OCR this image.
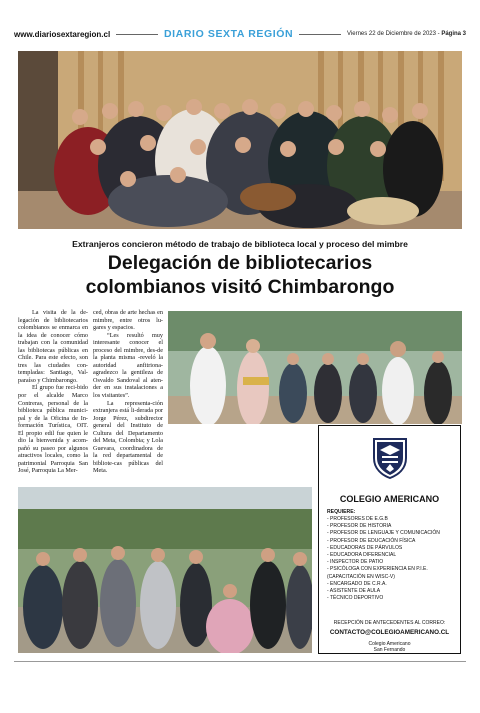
www.diariosextaregion.cl	DIARIO SEXTA REGIÓN	Viernes 22 de Diciembre de 2023 - Página 3
Extranjeros concieron método de trabajo de biblioteca local y proceso del mimbre
Delegación de bibliotecarios
colombianos visitó Chimbarongo

La visita de la de-legación de bibliotecarios colombianos se enmarca en la idea de conocer cómo trabajan con la comunidad las bibliotecas públicas en Chile. Para este efecto, son tres las ciudades con-templadas: Santiago, Val-paraíso y Chimbarongo.

El grupo fue reci-bido por el alcalde Marco Contreras, personal de la biblioteca pública munici-pal y de la Oficina de In-formación Turística, OIT. El propio edil fue quien le dio la bienvenida y acom-pañó su paseo por algunos atractivos locales, como la patrimonial Parroquia San José, Parroquia La Mer-

ced, obras de arte hechas en mimbre, entre otros lu-gares y espacios.

“Les resultó muy interesante conocer el proceso del mimbre, des-de la planta misma -reveló la autoridad anfitriona- agradezco la gentileza de Osvaldo Sandoval al aten-der en sus instalaciones a los visitantes”.

La representa-ción extranjera está li-derada por Jorge Pérez, subdirector general del Instituto de Cultura del Departamento del Meta, Colombia; y Lola Guevara, coordinadora de la red departamental de bibliote-cas públicas del Meta.

COLEGIO AMERICANO
REQUIERE:
- PROFESORES DE E.G.B
- PROFESOR DE HISTORIA
- PROFESOR DE LENGUAJE Y COMUNICACIÓN
- PROFESOR DE EDUCACIÓN FÍSICA
- EDUCADORAS DE PÁRVULOS
- EDUCADORA DIFERENCIAL
- INSPECTOR DE PATIO
- PSICÓLOGA CON EXPERIENCIA EN P.I.E.
(CAPACITACIÓN EN WISC-V)
- ENCARGADO DE C.R.A.
- ASISTENTE DE AULA
- TÉCNICO DEPORTIVO
RECEPCIÓN DE ANTECEDENTES AL CORREO:
CONTACTO@COLEGIOAMERICANO.CL
Colegio Americano
San Fernando
